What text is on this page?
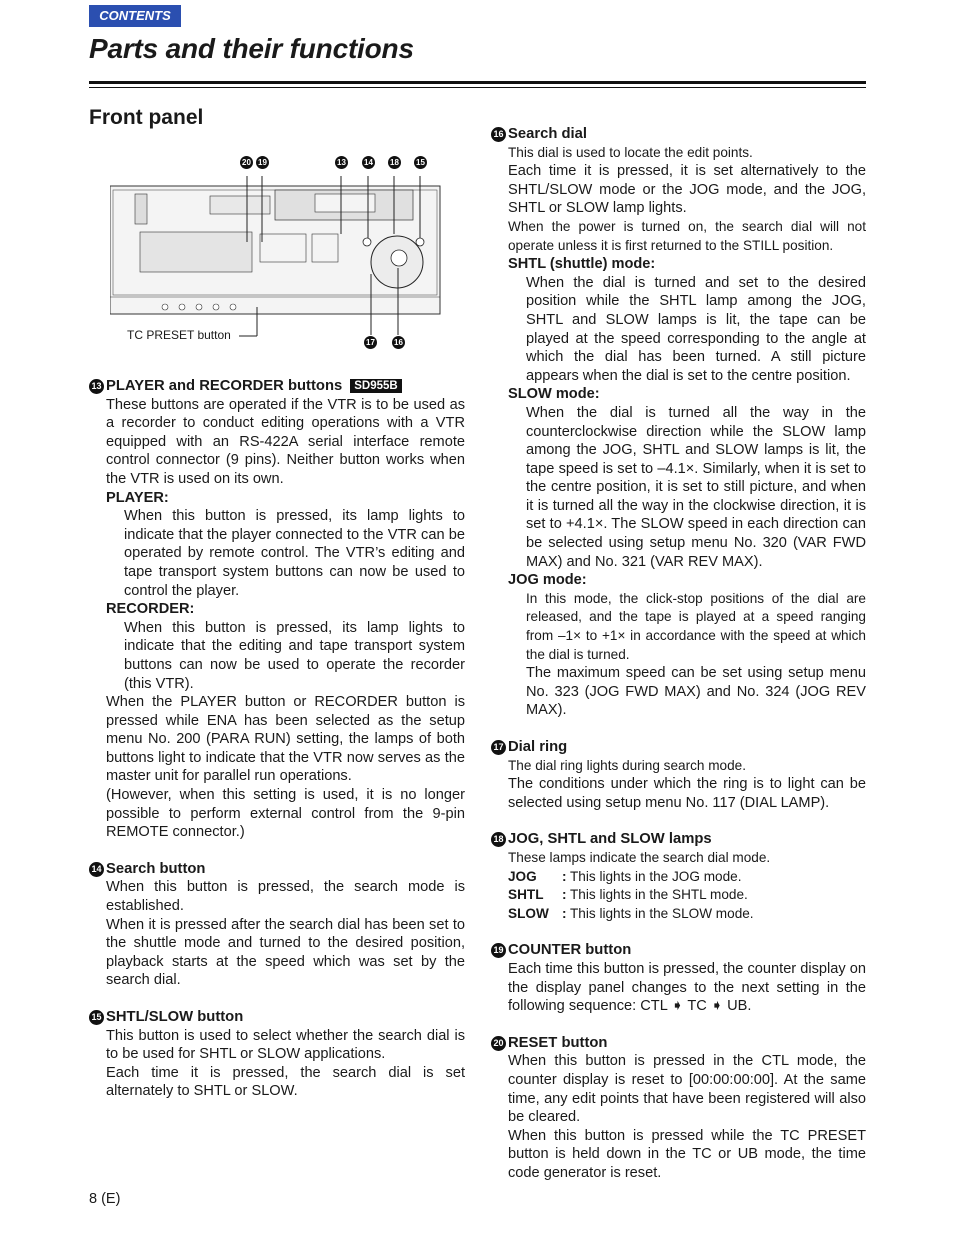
CONTENTS
Parts and their functions
Front panel
20 19	13 14 18 15
17 16
TC PRESET button
13 PLAYER and RECORDER buttons	SD955B

These buttons are operated if the VTR is to be used as a recorder to conduct editing operations with a VTR equipped with an RS-422A serial interface remote control connector (9 pins). Neither button works when the VTR is used on its own.

PLAYER:

When this button is pressed, its lamp lights to indicate that the player connected to the VTR can be operated by remote control. The VTR’s editing and tape transport system buttons can now be used to control the player.

RECORDER:

When this button is pressed, its lamp lights to indicate that the editing and tape transport system buttons can now be used to operate the recorder (this VTR).

When the PLAYER button or RECORDER button is pressed while ENA has been selected as the setup menu No. 200 (PARA RUN) setting, the lamps of both buttons light to indicate that the VTR now serves as the master unit for parallel run operations.

(However, when this setting is used, it is no longer possible to perform external control from the 9-pin REMOTE connector.)

14 Search button

When this button is pressed, the search mode is established.

When it is pressed after the search dial has been set to the shuttle mode and turned to the desired position, playback starts at the speed which was set by the search dial.

15 SHTL/SLOW button

This button is used to select whether the search dial is to be used for SHTL or SLOW applications.

Each time it is pressed, the search dial is set alternately to SHTL or SLOW.

16 Search dial

This dial is used to locate the edit points.

Each time it is pressed, it is set alternatively to the SHTL/SLOW mode or the JOG mode, and the JOG, SHTL or SLOW lamp lights.

When the power is turned on, the search dial will not operate unless it is first returned to the STILL position.

SHTL (shuttle) mode:

When the dial is turned and set to the desired position while the SHTL lamp among the JOG, SHTL and SLOW lamps is lit, the tape can be played at the speed corresponding to the angle at which the dial has been turned. A still picture appears when the dial is set to the centre position.

SLOW mode:

When the dial is turned all the way in the counterclockwise direction while the SLOW lamp among the JOG, SHTL and SLOW lamps is lit, the tape speed is set to –4.1×. Similarly, when it is set to the centre position, it is set to still picture, and when it is turned all the way in the clockwise direction, it is set to +4.1×. The SLOW speed in each direction can be selected using setup menu No. 320 (VAR FWD MAX) and No. 321 (VAR REV MAX).

JOG mode:

In this mode, the click-stop positions of the dial are released, and the tape is played at a speed ranging from –1× to +1× in accordance with the speed at which the dial is turned.

The maximum speed can be set using setup menu No. 323 (JOG FWD MAX) and No. 324 (JOG REV MAX).

17 Dial ring

The dial ring lights during search mode.

The conditions under which the ring is to light can be selected using setup menu No. 117 (DIAL LAMP).

18 JOG, SHTL and SLOW lamps

These lamps indicate the search dial mode.

JOG	: This lights in the JOG mode.
SHTL	: This lights in the SHTL mode.
SLOW : This lights in the SLOW mode.
19 COUNTER button

Each time this button is pressed, the counter display on the display panel changes to the next setting in the following sequence: CTL ➧ TC ➧ UB.

20 RESET button

When this button is pressed in the CTL mode, the counter display is reset to [00:00:00:00]. At the same time, any edit points that have been registered will also be cleared.

When this button is pressed while the TC PRESET button is held down in the TC or UB mode, the time code generator is reset.

8 (E)
